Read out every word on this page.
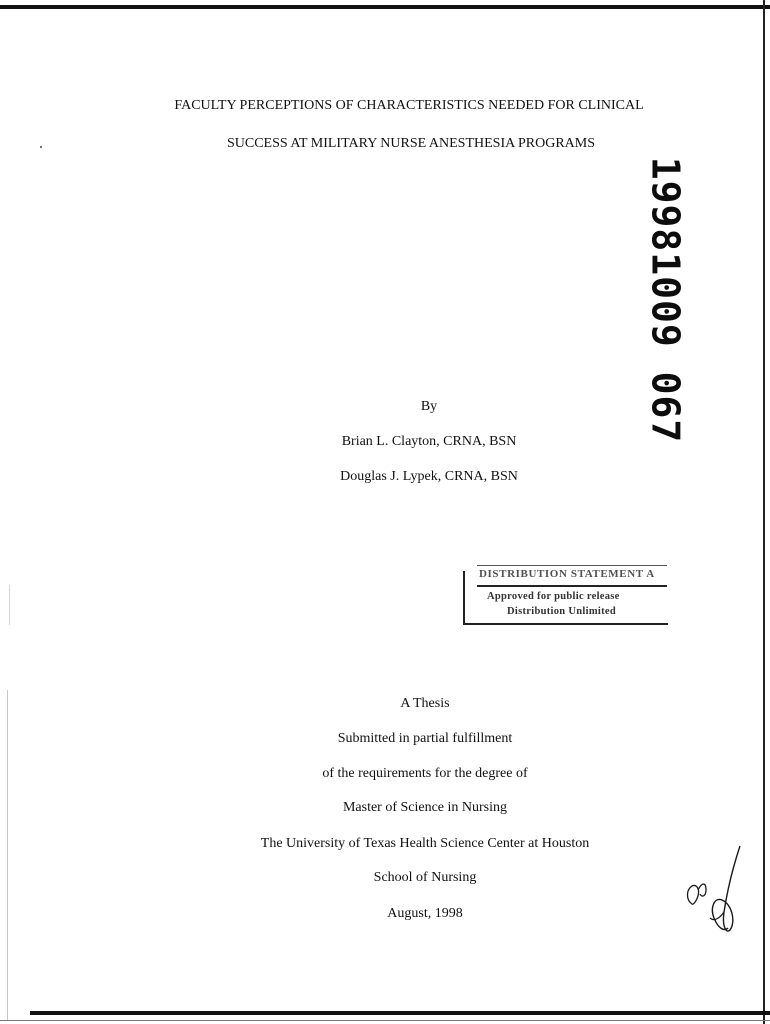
FACULTY PERCEPTIONS OF CHARACTERISTICS NEEDED FOR CLINICAL
SUCCESS AT MILITARY NURSE ANESTHESIA PROGRAMS
19981009 067
By
Brian L. Clayton, CRNA, BSN
Douglas J. Lypek, CRNA, BSN
DISTRIBUTION STATEMENT A
Approved for public release
Distribution Unlimited
A Thesis
Submitted in partial fulfillment
of the requirements for the degree of
Master of Science in Nursing
The University of Texas Health Science Center at Houston
School of Nursing
August, 1998
